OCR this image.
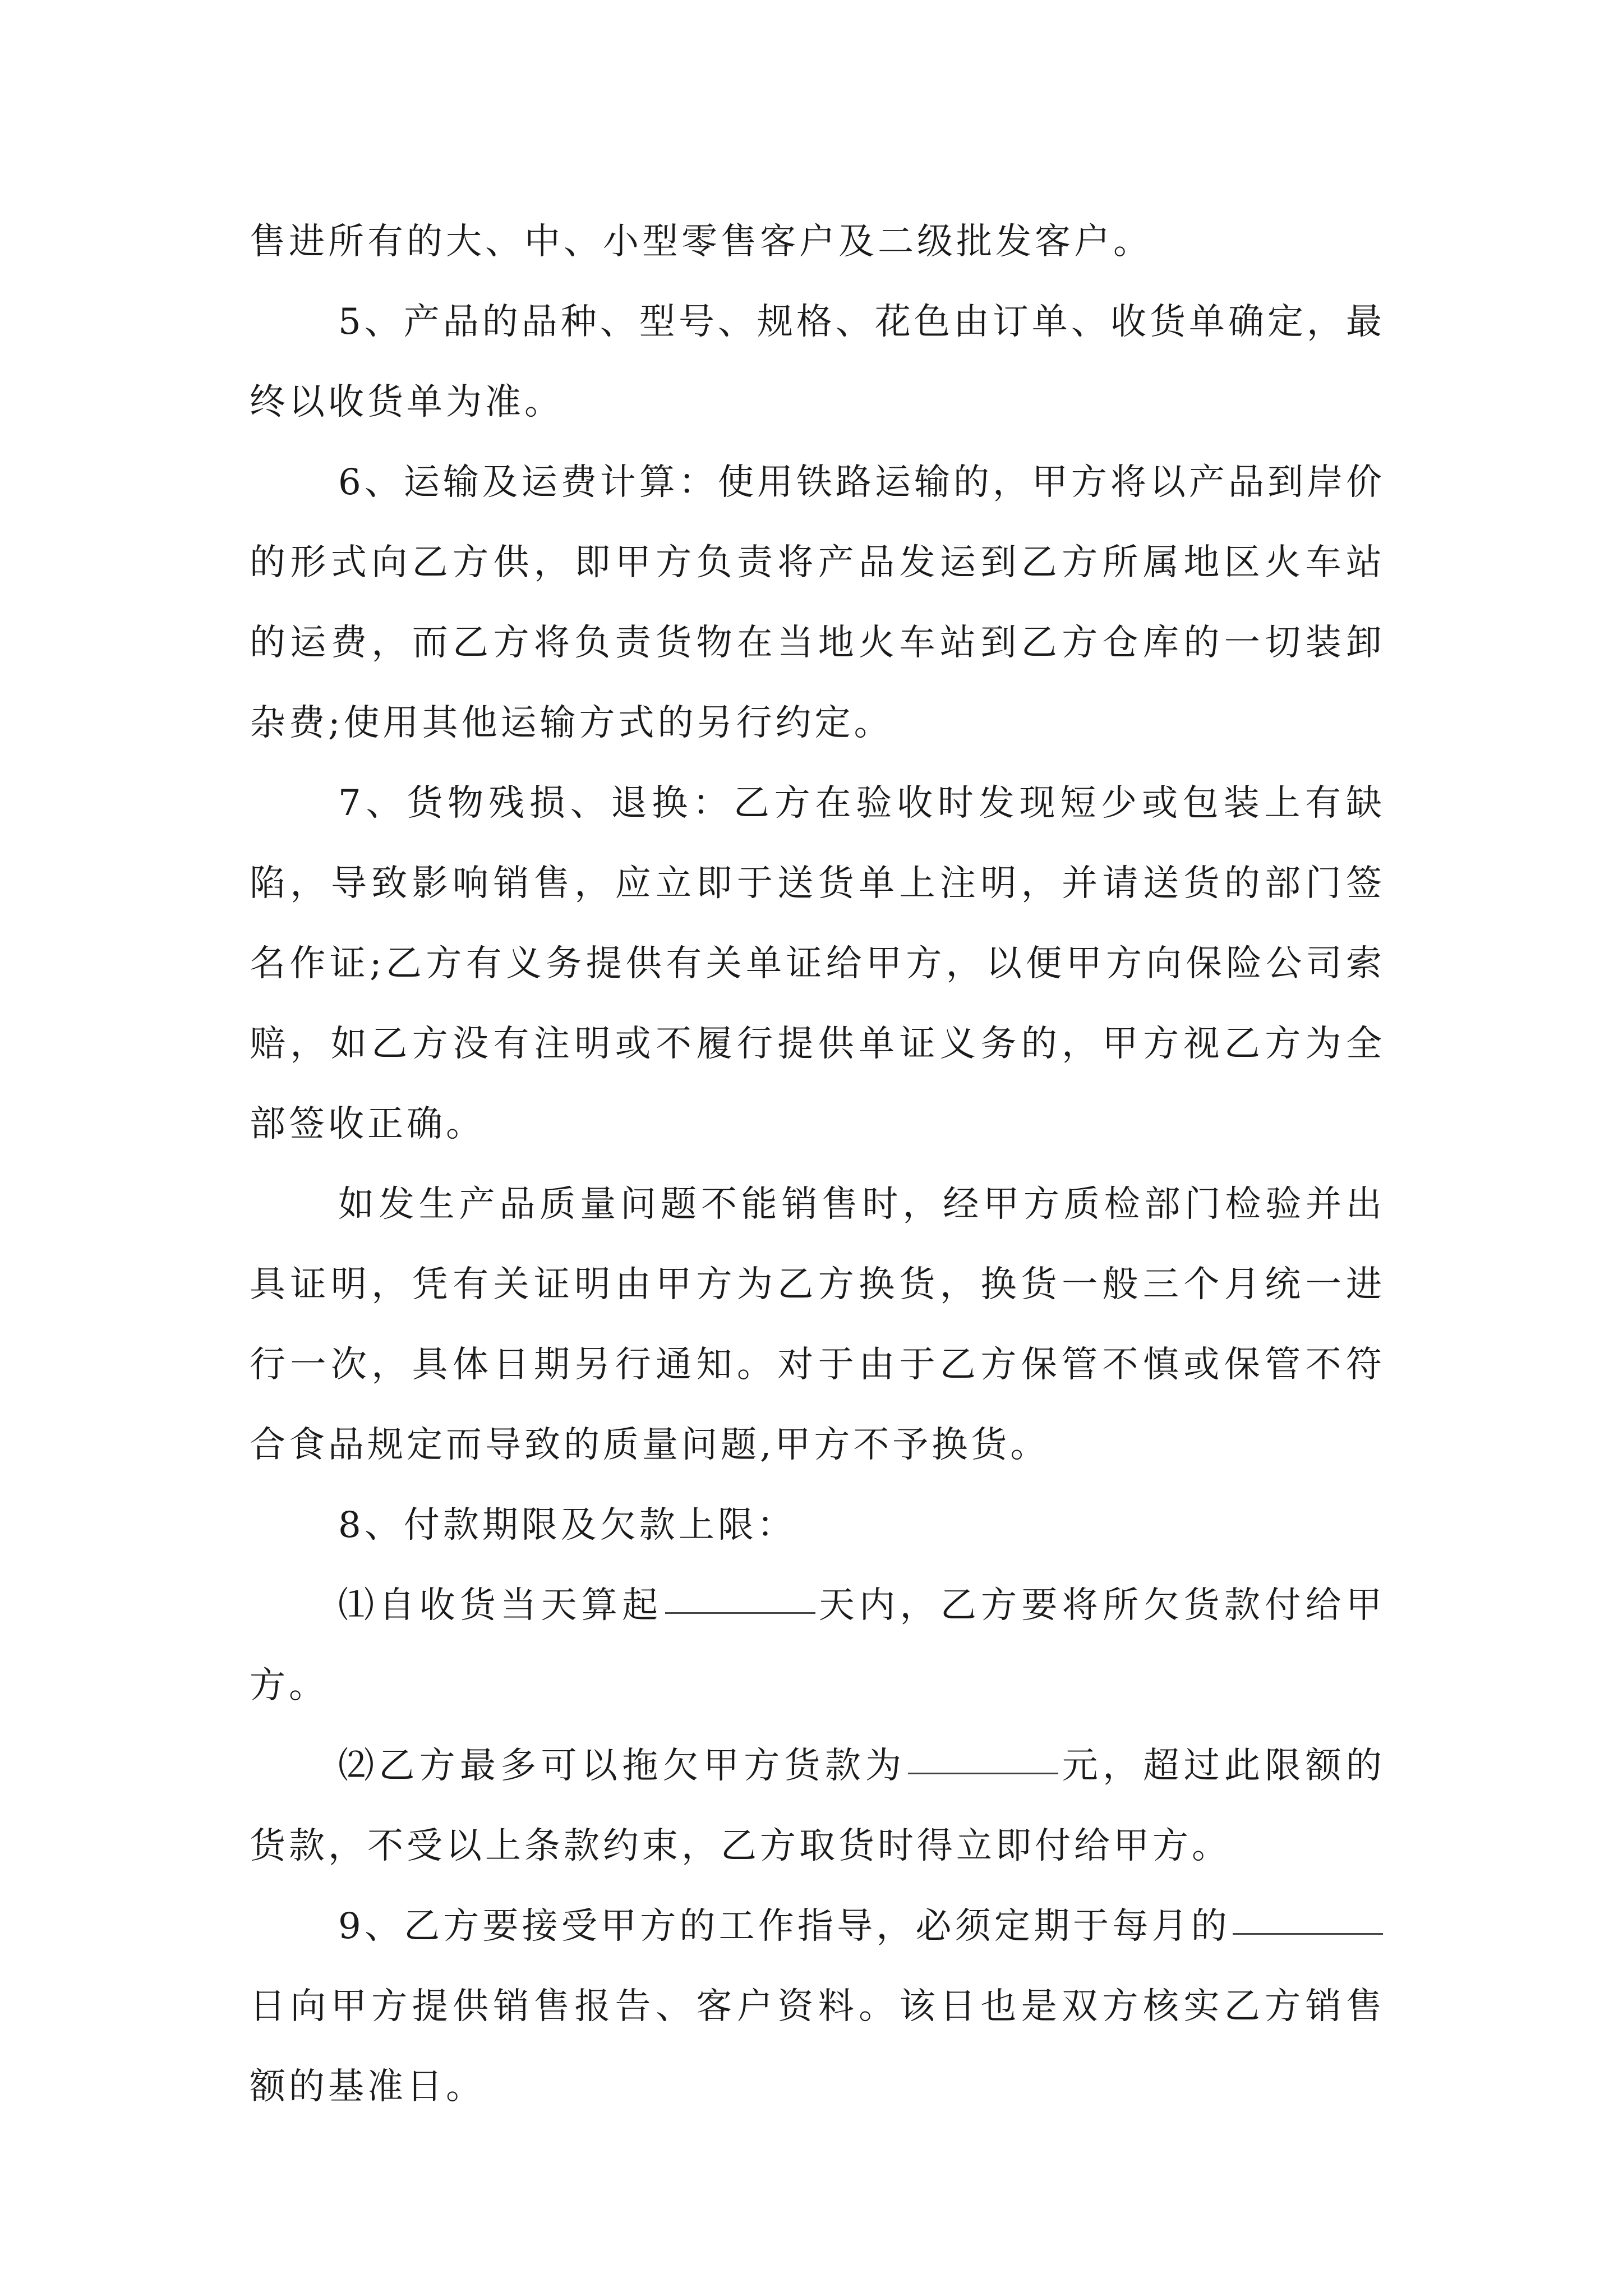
售进所有的大、中、小型零售客户及二级批发客户。

5、产品的品种、型号、规格、花色由订单、收货单确定，最终以收货单为准。

6、运输及运费计算：使用铁路运输的，甲方将以产品到岸价的形式向乙方供，即甲方负责将产品发运到乙方所属地区火车站的运费，而乙方将负责货物在当地火车站到乙方仓库的一切装卸杂费;使用其他运输方式的另行约定。

7、货物残损、退换：乙方在验收时发现短少或包装上有缺陷，导致影响销售，应立即于送货单上注明，并请送货的部门签名作证;乙方有义务提供有关单证给甲方，以便甲方向保险公司索赔，如乙方没有注明或不履行提供单证义务的，甲方视乙方为全部签收正确。

如发生产品质量问题不能销售时，经甲方质检部门检验并出具证明，凭有关证明由甲方为乙方换货，换货一般三个月统一进行一次，具体日期另行通知。对于由于乙方保管不慎或保管不符合食品规定而导致的质量问题,甲方不予换货。

8、付款期限及欠款上限：

⑴自收货当天算起	天内，乙方要将所欠货款付给甲方。

⑵乙方最多可以拖欠甲方货款为	元，超过此限额的货款，不受以上条款约束，乙方取货时得立即付给甲方。

9、乙方要接受甲方的工作指导，必须定期于每月的日向甲方提供销售报告、客户资料。该日也是双方核实乙方销售额的基准日。
